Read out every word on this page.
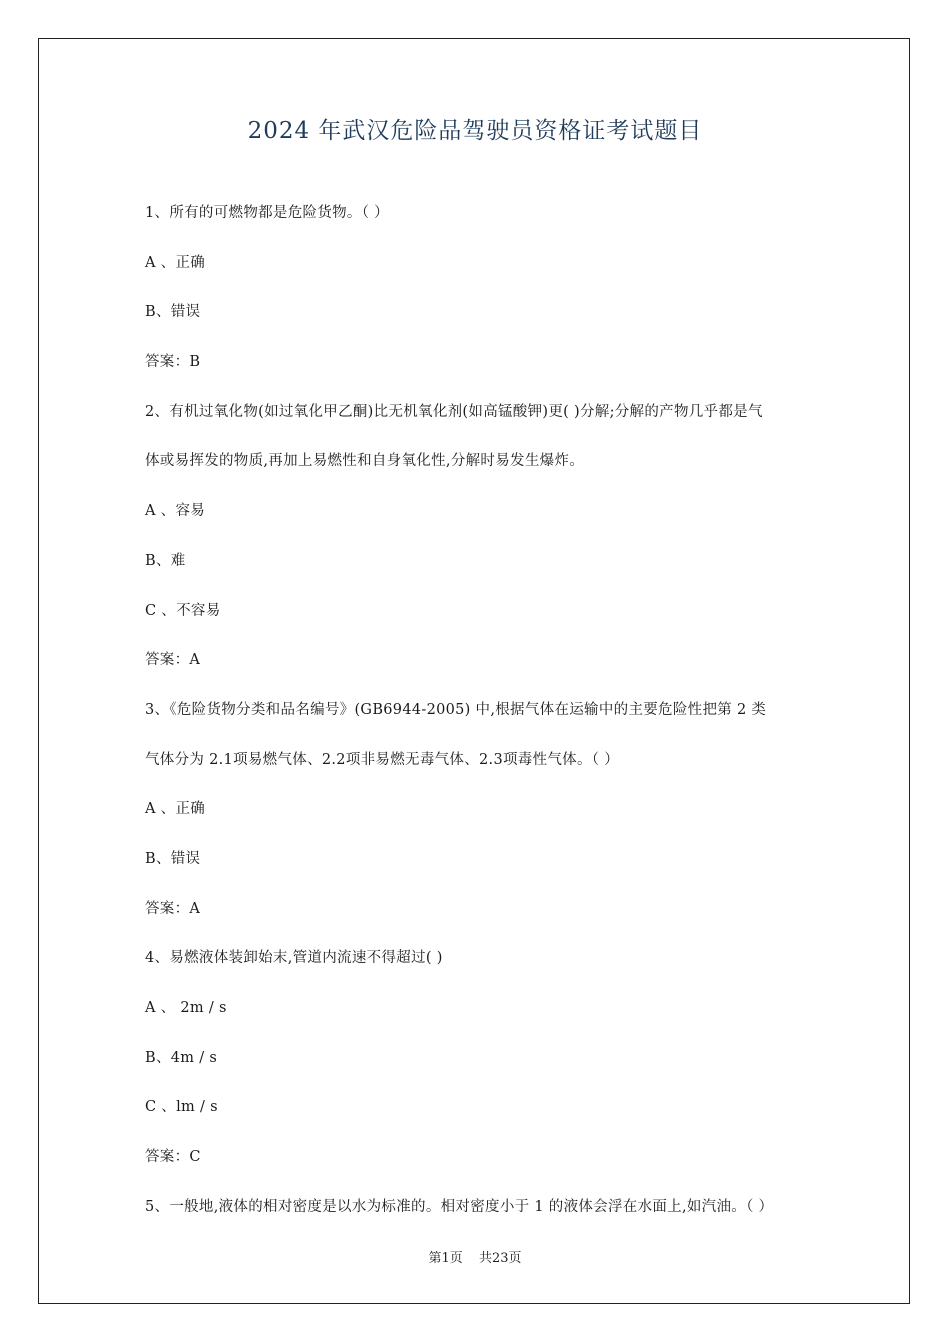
2024 年武汉危险品驾驶员资格证考试题目
1、所有的可燃物都是危险货物。（ ）
A 、正确
B、错误
答案：B
2、有机过氧化物(如过氧化甲乙酮)比无机氧化剂(如高锰酸钾)更( )分解;分解的产物几乎都是气
体或易挥发的物质,再加上易燃性和自身氧化性,分解时易发生爆炸。
A 、容易
B、难
C 、不容易
答案：A
3、《危险货物分类和品名编号》(GB6944-2005) 中,根据气体在运输中的主要危险性把第 2 类
气体分为 2.1项易燃气体、2.2项非易燃无毒气体、2.3项毒性气体。（ ）
A 、正确
B、错误
答案：A
4、易燃液体装卸始末,管道内流速不得超过( )
A 、 2m / s
B、4m / s
C 、lm / s
答案：C
5、一般地,液体的相对密度是以水为标准的。相对密度小于 1 的液体会浮在水面上,如汽油。（ ）
第1页 共23页
